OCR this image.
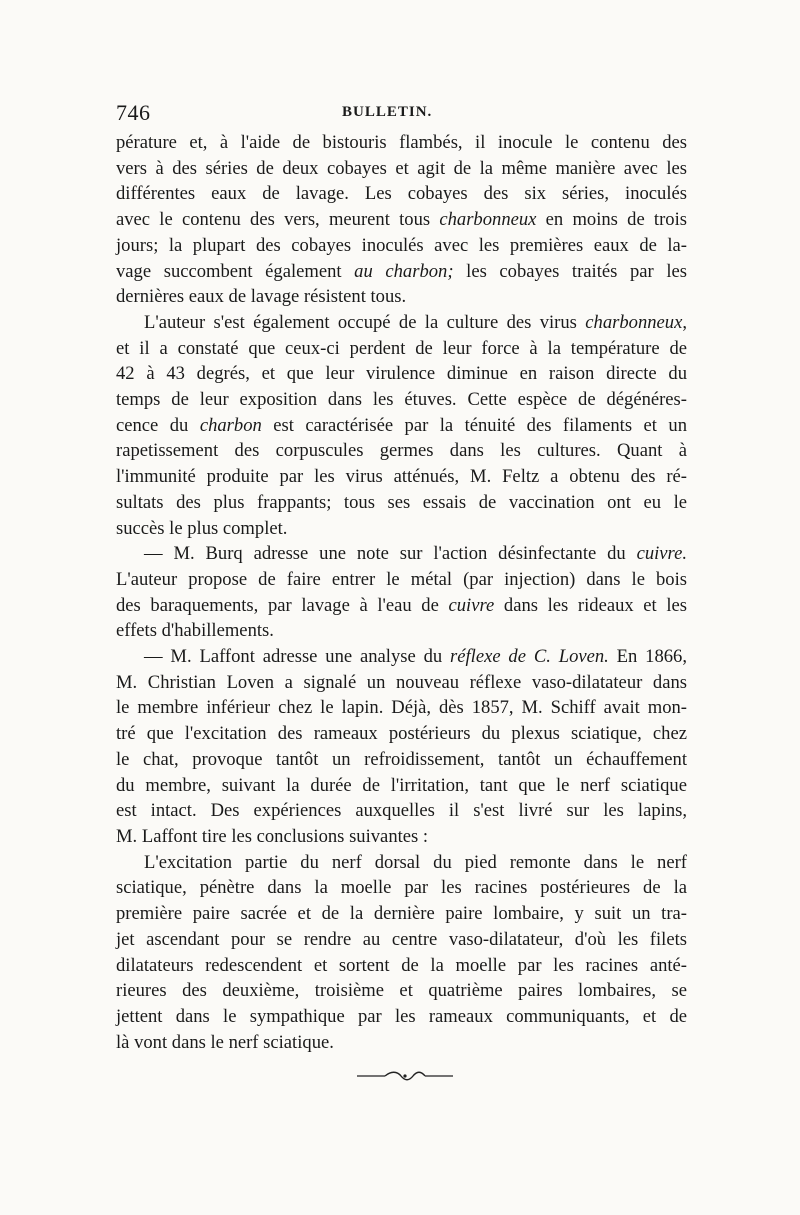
746	BULLETIN.
pérature et, à l'aide de bistouris flambés, il inocule le contenu des
vers à des séries de deux cobayes et agit de la même manière avec les
différentes eaux de lavage. Les cobayes des six séries, inoculés
avec le contenu des vers, meurent tous charbonneux en moins de trois
jours; la plupart des cobayes inoculés avec les premières eaux de la-
vage succombent également au charbon; les cobayes traités par les
dernières eaux de lavage résistent tous.
L'auteur s'est également occupé de la culture des virus charbonneux,
et il a constaté que ceux-ci perdent de leur force à la température de
42 à 43 degrés, et que leur virulence diminue en raison directe du
temps de leur exposition dans les étuves. Cette espèce de dégénéres-
cence du charbon est caractérisée par la ténuité des filaments et un
rapetissement des corpuscules germes dans les cultures. Quant à
l'immunité produite par les virus atténués, M. Feltz a obtenu des ré-
sultats des plus frappants; tous ses essais de vaccination ont eu le
succès le plus complet.
— M. Burq adresse une note sur l'action désinfectante du cuivre.
L'auteur propose de faire entrer le métal (par injection) dans le bois
des baraquements, par lavage à l'eau de cuivre dans les rideaux et les
effets d'habillements.
— M. Laffont adresse une analyse du réflexe de C. Loven. En 1866,
M. Christian Loven a signalé un nouveau réflexe vaso-dilatateur dans
le membre inférieur chez le lapin. Déjà, dès 1857, M. Schiff avait mon-
tré que l'excitation des rameaux postérieurs du plexus sciatique, chez
le chat, provoque tantôt un refroidissement, tantôt un échauffement
du membre, suivant la durée de l'irritation, tant que le nerf sciatique
est intact. Des expériences auxquelles il s'est livré sur les lapins,
M. Laffont tire les conclusions suivantes :
L'excitation partie du nerf dorsal du pied remonte dans le nerf
sciatique, pénètre dans la moelle par les racines postérieures de la
première paire sacrée et de la dernière paire lombaire, y suit un tra-
jet ascendant pour se rendre au centre vaso-dilatateur, d'où les filets
dilatateurs redescendent et sortent de la moelle par les racines anté-
rieures des deuxième, troisième et quatrième paires lombaires, se
jettent dans le sympathique par les rameaux communiquants, et de
là vont dans le nerf sciatique.
